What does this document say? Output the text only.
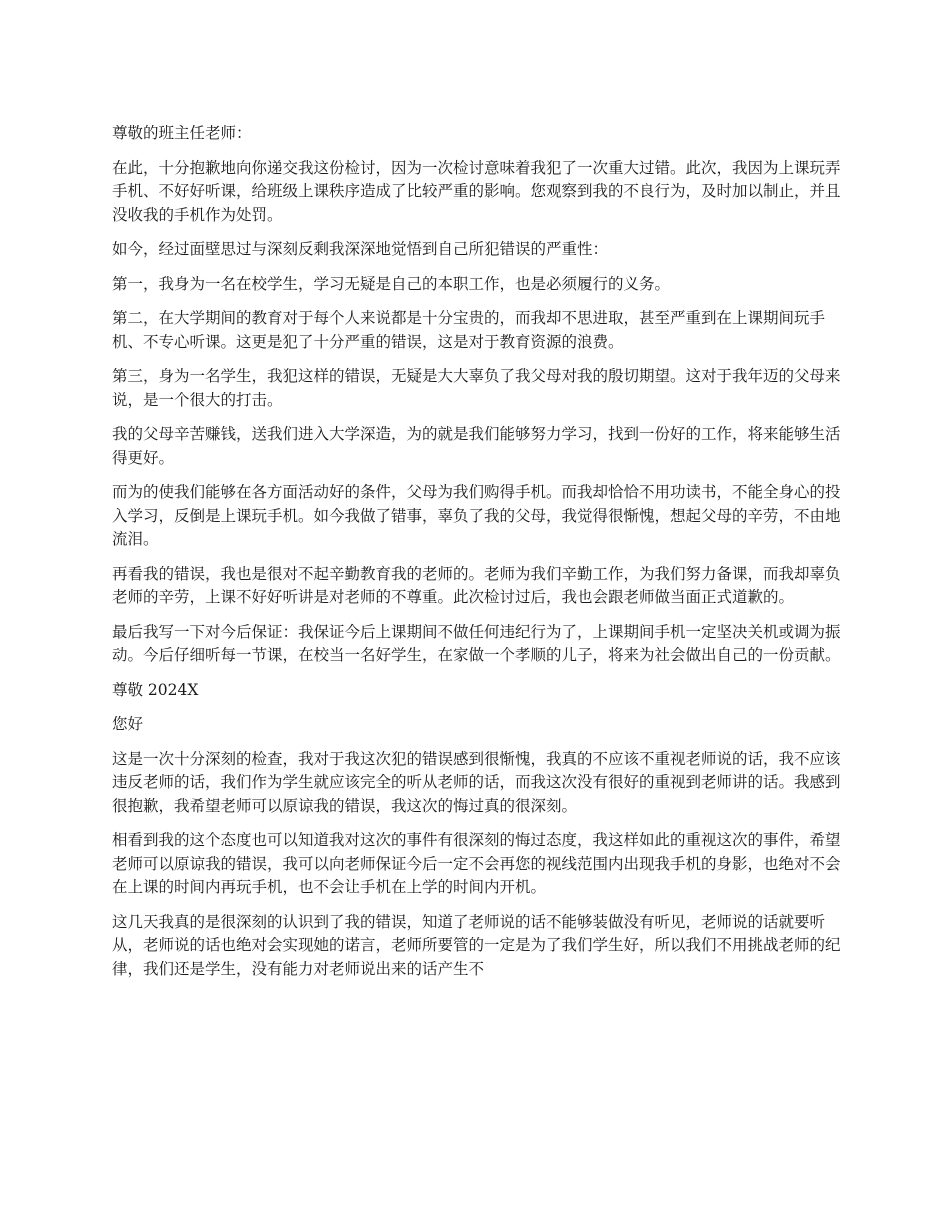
尊敬的班主任老师：

在此，十分抱歉地向你递交我这份检讨，因为一次检讨意味着我犯了一次重大过错。此次，我因为上课玩弄手机、不好好听课，给班级上课秩序造成了比较严重的影响。您观察到我的不良行为，及时加以制止，并且没收我的手机作为处罚。

如今，经过面壁思过与深刻反剩我深深地觉悟到自己所犯错误的严重性：

第一，我身为一名在校学生，学习无疑是自己的本职工作，也是必须履行的义务。

第二，在大学期间的教育对于每个人来说都是十分宝贵的，而我却不思进取，甚至严重到在上课期间玩手机、不专心听课。这更是犯了十分严重的错误，这是对于教育资源的浪费。

第三，身为一名学生，我犯这样的错误，无疑是大大辜负了我父母对我的殷切期望。这对于我年迈的父母来说，是一个很大的打击。

我的父母辛苦赚钱，送我们进入大学深造，为的就是我们能够努力学习，找到一份好的工作，将来能够生活得更好。

而为的使我们能够在各方面活动好的条件，父母为我们购得手机。而我却恰恰不用功读书，不能全身心的投入学习，反倒是上课玩手机。如今我做了错事，辜负了我的父母，我觉得很惭愧，想起父母的辛劳，不由地流泪。

再看我的错误，我也是很对不起辛勤教育我的老师的。老师为我们辛勤工作，为我们努力备课，而我却辜负老师的辛劳，上课不好好听讲是对老师的不尊重。此次检讨过后，我也会跟老师做当面正式道歉的。

最后我写一下对今后保证：我保证今后上课期间不做任何违纪行为了，上课期间手机一定坚决关机或调为振动。今后仔细听每一节课，在校当一名好学生，在家做一个孝顺的儿子，将来为社会做出自己的一份贡献。

尊敬 2024X

您好

这是一次十分深刻的检查，我对于我这次犯的错误感到很惭愧，我真的不应该不重视老师说的话，我不应该违反老师的话，我们作为学生就应该完全的听从老师的话，而我这次没有很好的重视到老师讲的话。我感到很抱歉，我希望老师可以原谅我的错误，我这次的悔过真的很深刻。

相看到我的这个态度也可以知道我对这次的事件有很深刻的悔过态度，我这样如此的重视这次的事件，希望老师可以原谅我的错误，我可以向老师保证今后一定不会再您的视线范围内出现我手机的身影，也绝对不会在上课的时间内再玩手机，也不会让手机在上学的时间内开机。

这几天我真的是很深刻的认识到了我的错误，知道了老师说的话不能够装做没有听见，老师说的话就要听从，老师说的话也绝对会实现她的诺言，老师所要管的一定是为了我们学生好，所以我们不用挑战老师的纪律，我们还是学生，没有能力对老师说出来的话产生不
